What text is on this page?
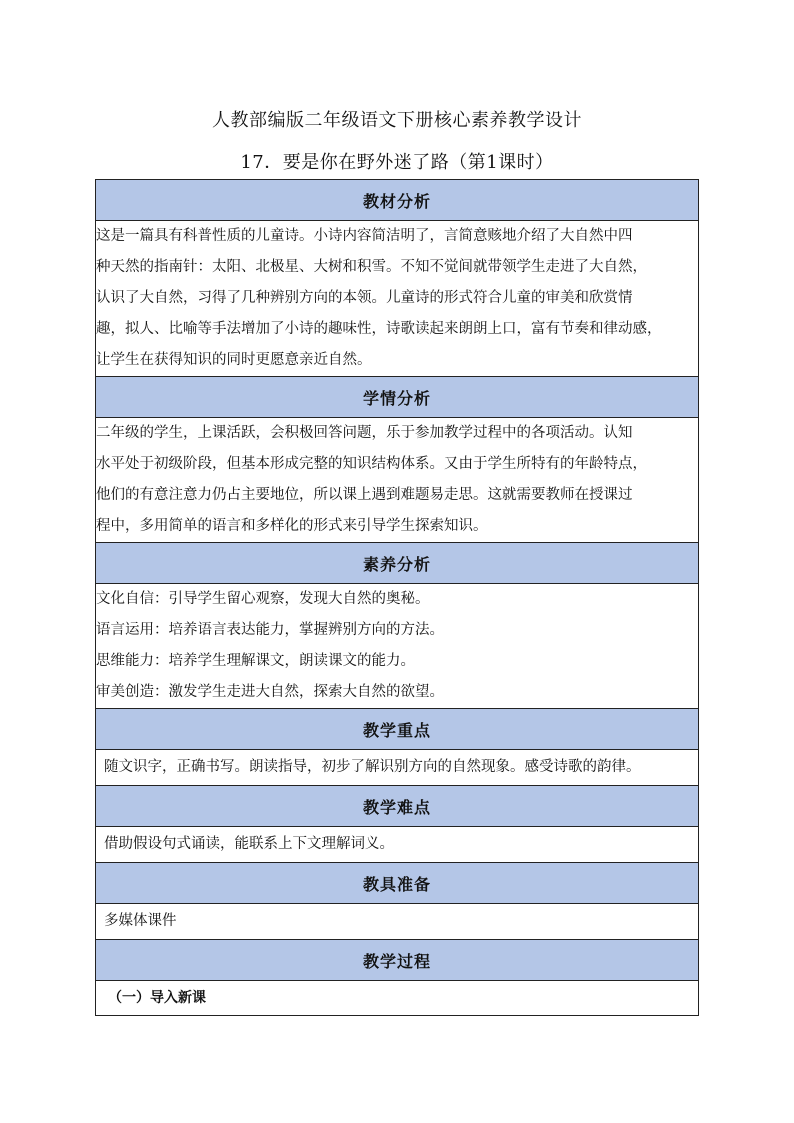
人教部编版二年级语文下册核心素养教学设计
17．要是你在野外迷了路（第1课时）
教材分析

这是一篇具有科普性质的儿童诗。小诗内容简洁明了，言简意赅地介绍了大自然中四
种天然的指南针：太阳、北极星、大树和积雪。不知不觉间就带领学生走进了大自然，
认识了大自然，习得了几种辨别方向的本领。儿童诗的形式符合儿童的审美和欣赏情
趣，拟人、比喻等手法增加了小诗的趣味性，诗歌读起来朗朗上口，富有节奏和律动感，
让学生在获得知识的同时更愿意亲近自然。

学情分析

二年级的学生，上课活跃，会积极回答问题，乐于参加教学过程中的各项活动。认知
水平处于初级阶段，但基本形成完整的知识结构体系。又由于学生所特有的年龄特点，
他们的有意注意力仍占主要地位，所以课上遇到难题易走思。这就需要教师在授课过
程中，多用简单的语言和多样化的形式来引导学生探索知识。

素养分析

文化自信：引导学生留心观察，发现大自然的奥秘。
语言运用：培养语言表达能力，掌握辨别方向的方法。
思维能力：培养学生理解课文，朗读课文的能力。
审美创造：激发学生走进大自然，探索大自然的欲望。

教学重点

随文识字，正确书写。朗读指导，初步了解识别方向的自然现象。感受诗歌的韵律。

教学难点

借助假设句式诵读，能联系上下文理解词义。

教具准备

多媒体课件

教学过程

（一）导入新课
